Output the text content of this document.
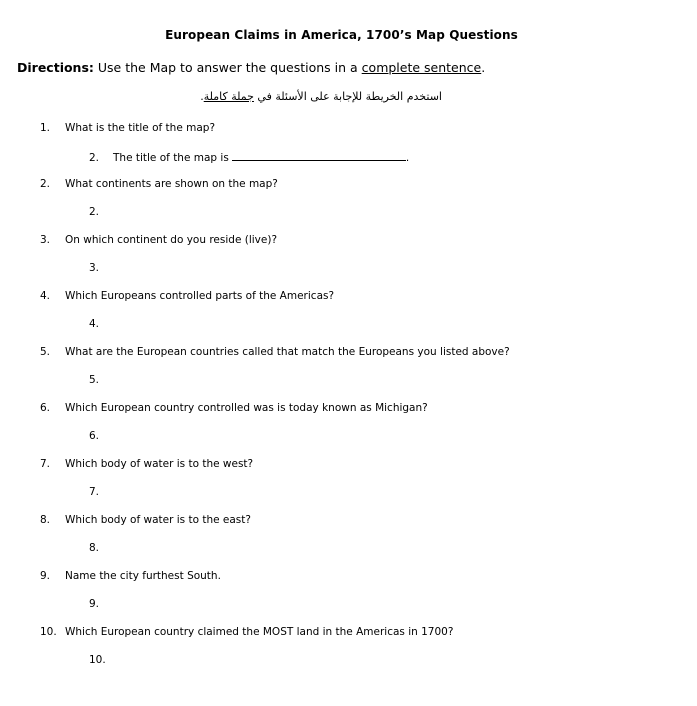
European Claims in America, 1700’s Map Questions
Directions: Use the Map to answer the questions in a complete sentence.
استخدم الخريطة للإجابة على الأسئلة في جملة كاملة.
1. What is the title of the map?
2. The title of the map is	.
2. What continents are shown on the map?
2.
3. On which continent do you reside (live)?
3.
4. Which Europeans controlled parts of the Americas?
4.
5. What are the European countries called that match the Europeans you listed above?
5.
6. Which European country controlled was is today known as Michigan?
6.
7. Which body of water is to the west?
7.
8. Which body of water is to the east?
8.
9. Name the city furthest South.
9.
10. Which European country claimed the MOST land in the Americas in 1700?
10.
